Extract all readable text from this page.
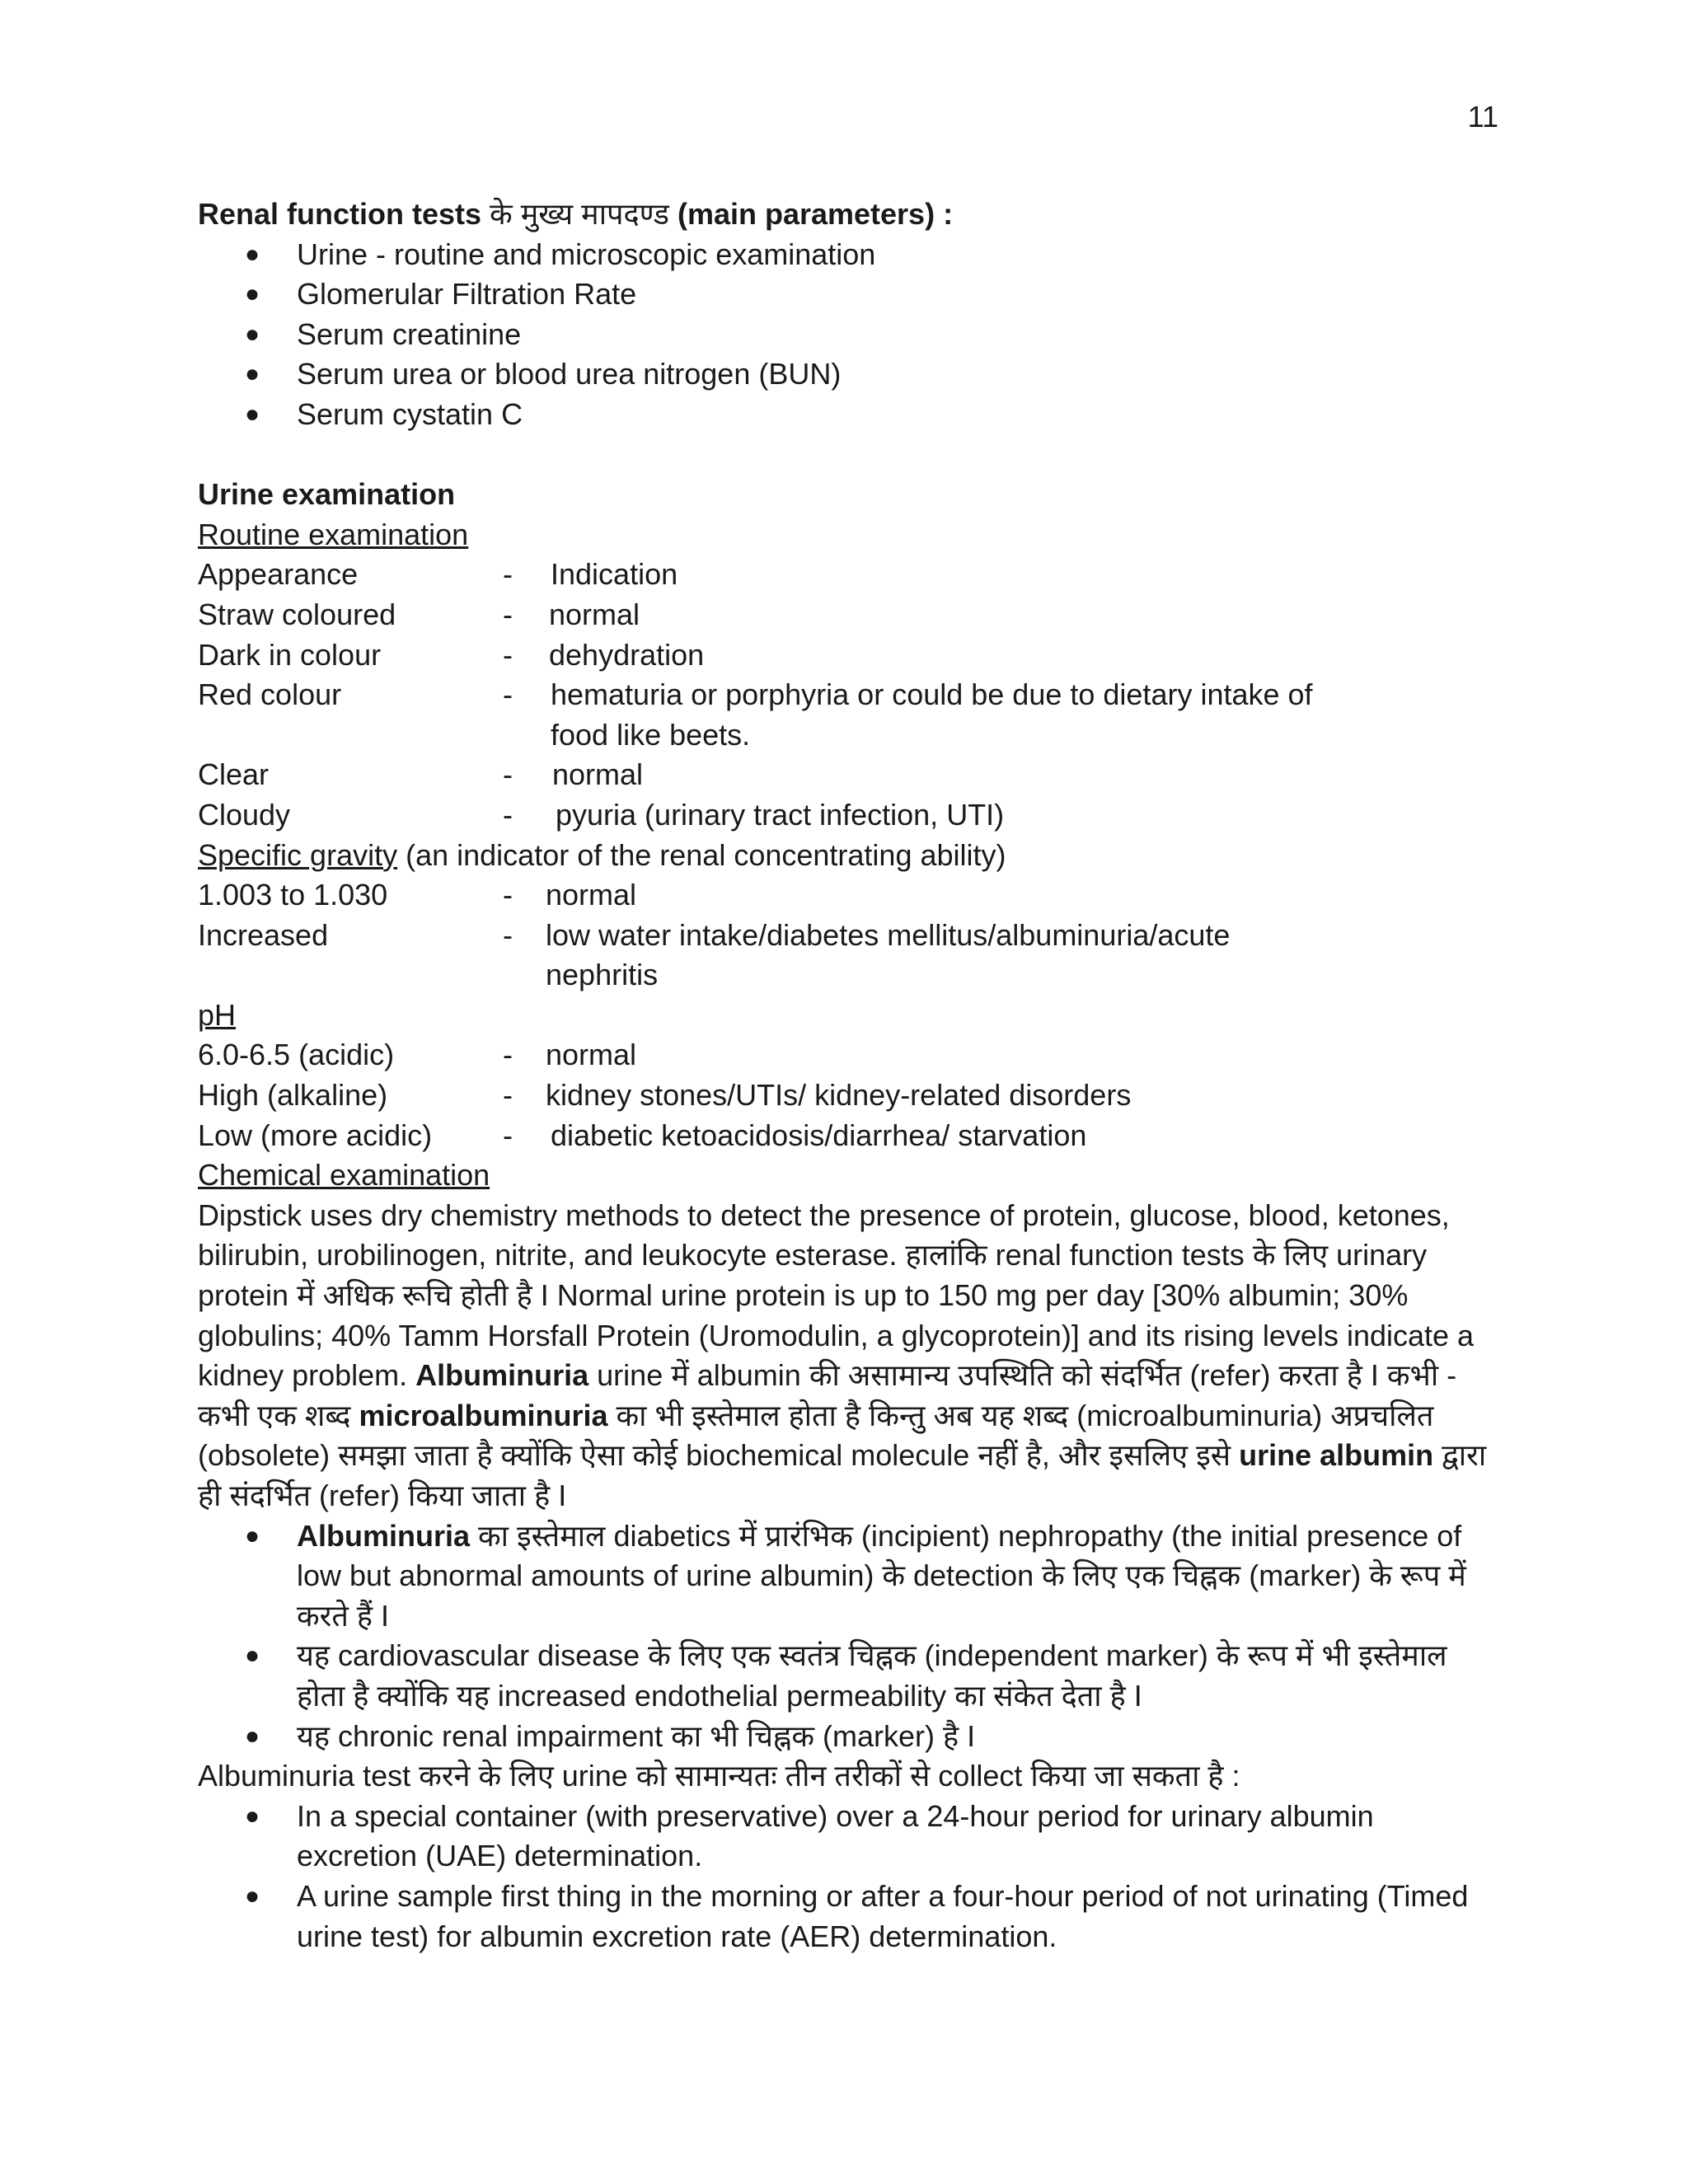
11

Renal function tests के मुख्य मापदण्ड (main parameters) :

● Urine - routine and microscopic examination
● Glomerular Filtration Rate
● Serum creatinine
● Serum urea or blood urea nitrogen (BUN)
● Serum cystatin C

Urine examination

Routine examination

Appearance	-	Indication
Straw coloured	-	normal
Dark in colour	-	dehydration
Red colour	-	hematuria or porphyria or could be due to dietary intake of food like beets.
Clear	-	normal
Cloudy	-	pyuria (urinary tract infection, UTI)

Specific gravity (an indicator of the renal concentrating ability)

1.003 to 1.030	-	normal
Increased	-	low water intake/diabetes mellitus/albuminuria/acute nephritis

pH

6.0-6.5 (acidic)	-	normal
High (alkaline)	-	kidney stones/UTIs/ kidney-related disorders
Low (more acidic)	-	diabetic ketoacidosis/diarrhea/ starvation

Chemical examination

Dipstick uses dry chemistry methods to detect the presence of protein, glucose, blood, ketones, bilirubin, urobilinogen, nitrite, and leukocyte esterase. हालांकि renal function tests के लिए urinary protein में अधिक रूचि होती है I Normal urine protein is up to 150 mg per day [30% albumin; 30% globulins; 40% Tamm Horsfall Protein (Uromodulin, a glycoprotein)] and its rising levels indicate a kidney problem. Albuminuria urine में albumin की असामान्य उपस्थिति को संदर्भित (refer) करता है I कभी - कभी एक शब्द microalbuminuria का भी इस्तेमाल होता है किन्तु अब यह शब्द (microalbuminuria) अप्रचलित (obsolete) समझा जाता है क्योंकि ऐसा कोई biochemical molecule नहीं है, और इसलिए इसे urine albumin द्वारा ही संदर्भित (refer) किया जाता है I

● Albuminuria का इस्तेमाल diabetics में प्रारंभिक (incipient) nephropathy (the initial presence of low but abnormal amounts of urine albumin) के detection के लिए एक चिह्नक (marker) के रूप में करते हैं I
● यह cardiovascular disease के लिए एक स्वतंत्र चिह्नक (independent marker) के रूप में भी इस्तेमाल होता है क्योंकि यह increased endothelial permeability का संकेत देता है I
● यह chronic renal impairment का भी चिह्नक (marker) है I

Albuminuria test करने के लिए urine को सामान्यतः तीन तरीकों से collect किया जा सकता है :

● In a special container (with preservative) over a 24-hour period for urinary albumin excretion (UAE) determination.
● A urine sample first thing in the morning or after a four-hour period of not urinating (Timed urine test) for albumin excretion rate (AER) determination.
